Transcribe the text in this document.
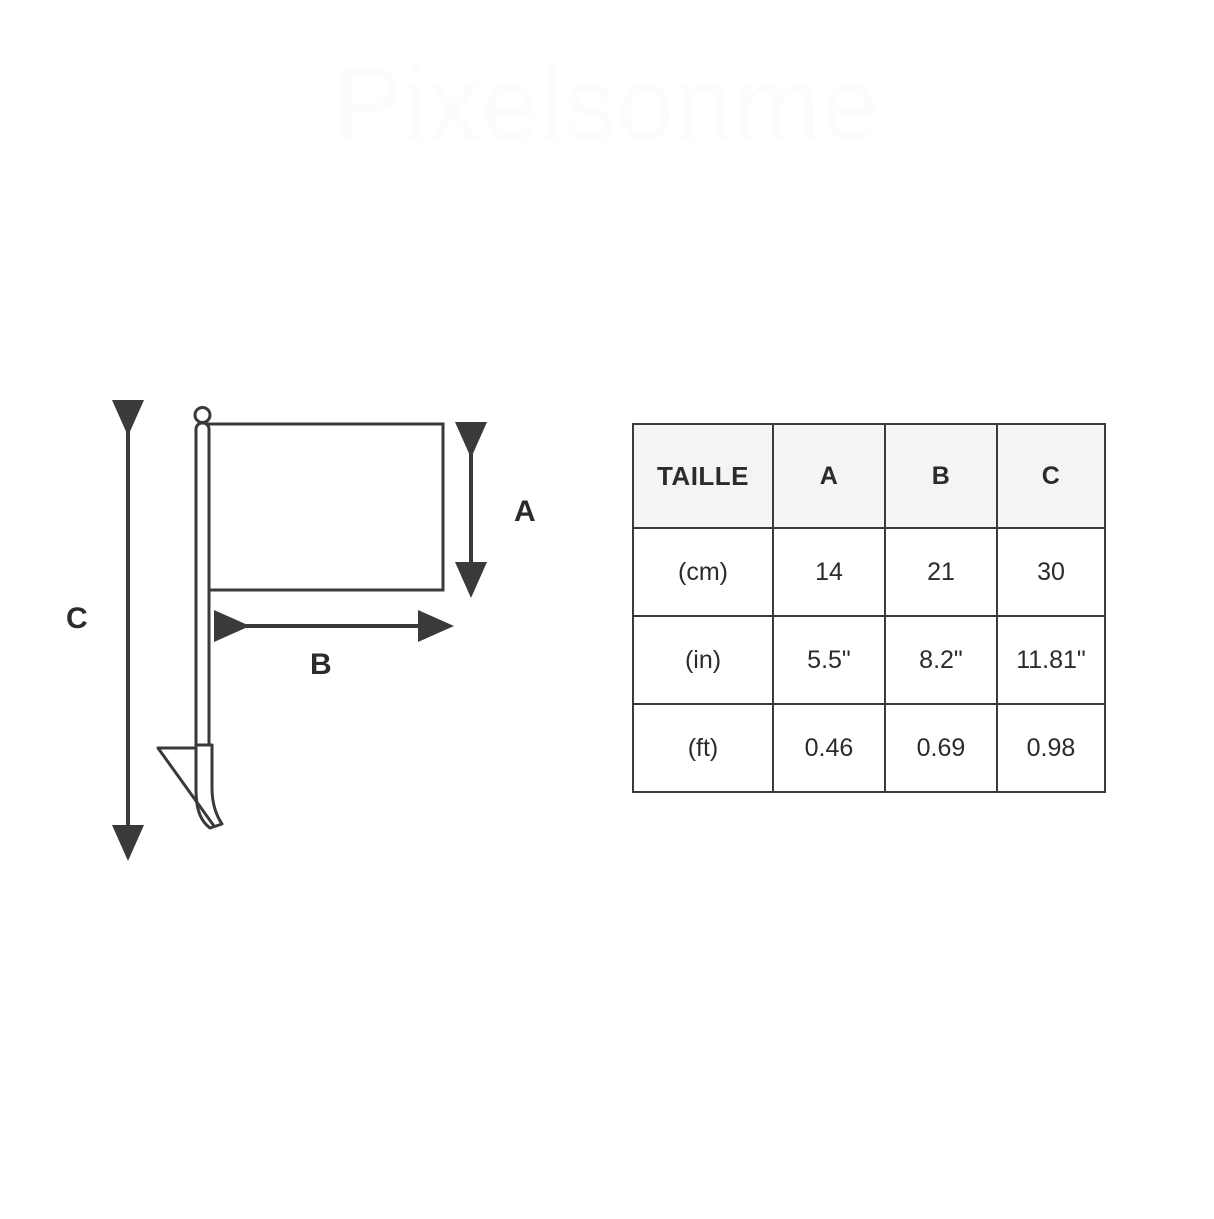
Pixelsonme
A
B
C
TAILLE	A	B	C
(cm)	14	21	30
(in)	5.5"	8.2"	11.81"
(ft)	0.46	0.69	0.98
